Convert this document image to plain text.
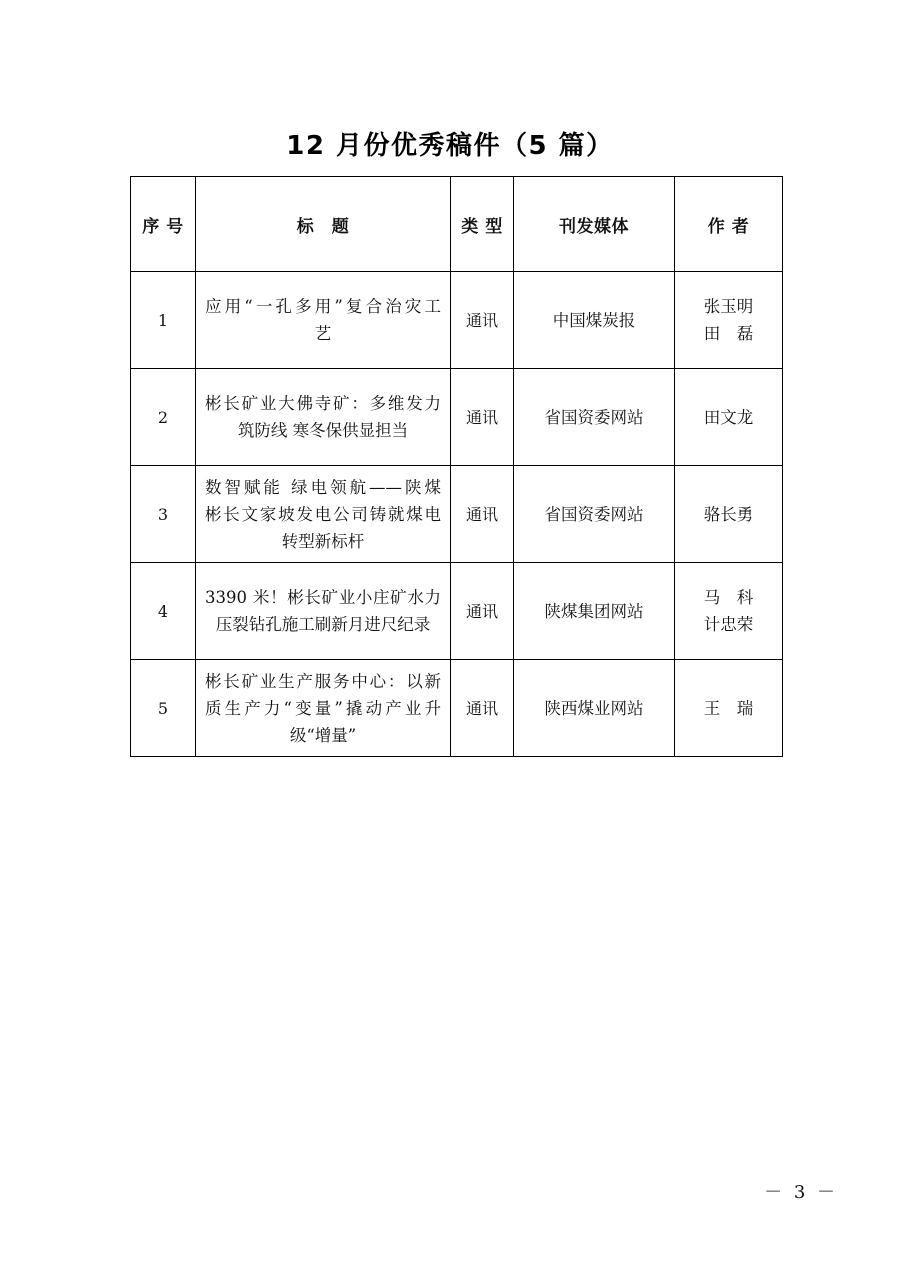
12 月份优秀稿件（5 篇）
序 号	标　题	类 型	刊发媒体	作 者
1	应用“一孔多用”复合治灾工
艺	通讯	中国煤炭报	张玉明
田　磊

2	彬长矿业大佛寺矿：多维发力
筑防线 寒冬保供显担当	通讯	省国资委网站	田文龙

3	数智赋能 绿电领航——陕煤
彬长文家坡发电公司铸就煤电
转型新标杆	通讯	省国资委网站	骆长勇

4	3390 米！彬长矿业小庄矿水力
压裂钻孔施工刷新月进尺纪录	通讯	陕煤集团网站	马　科
计忠荣

5	彬长矿业生产服务中心：以新
质生产力“变量”撬动产业升
级“增量”	通讯	陕西煤业网站	王　瑞
－ 3 －
